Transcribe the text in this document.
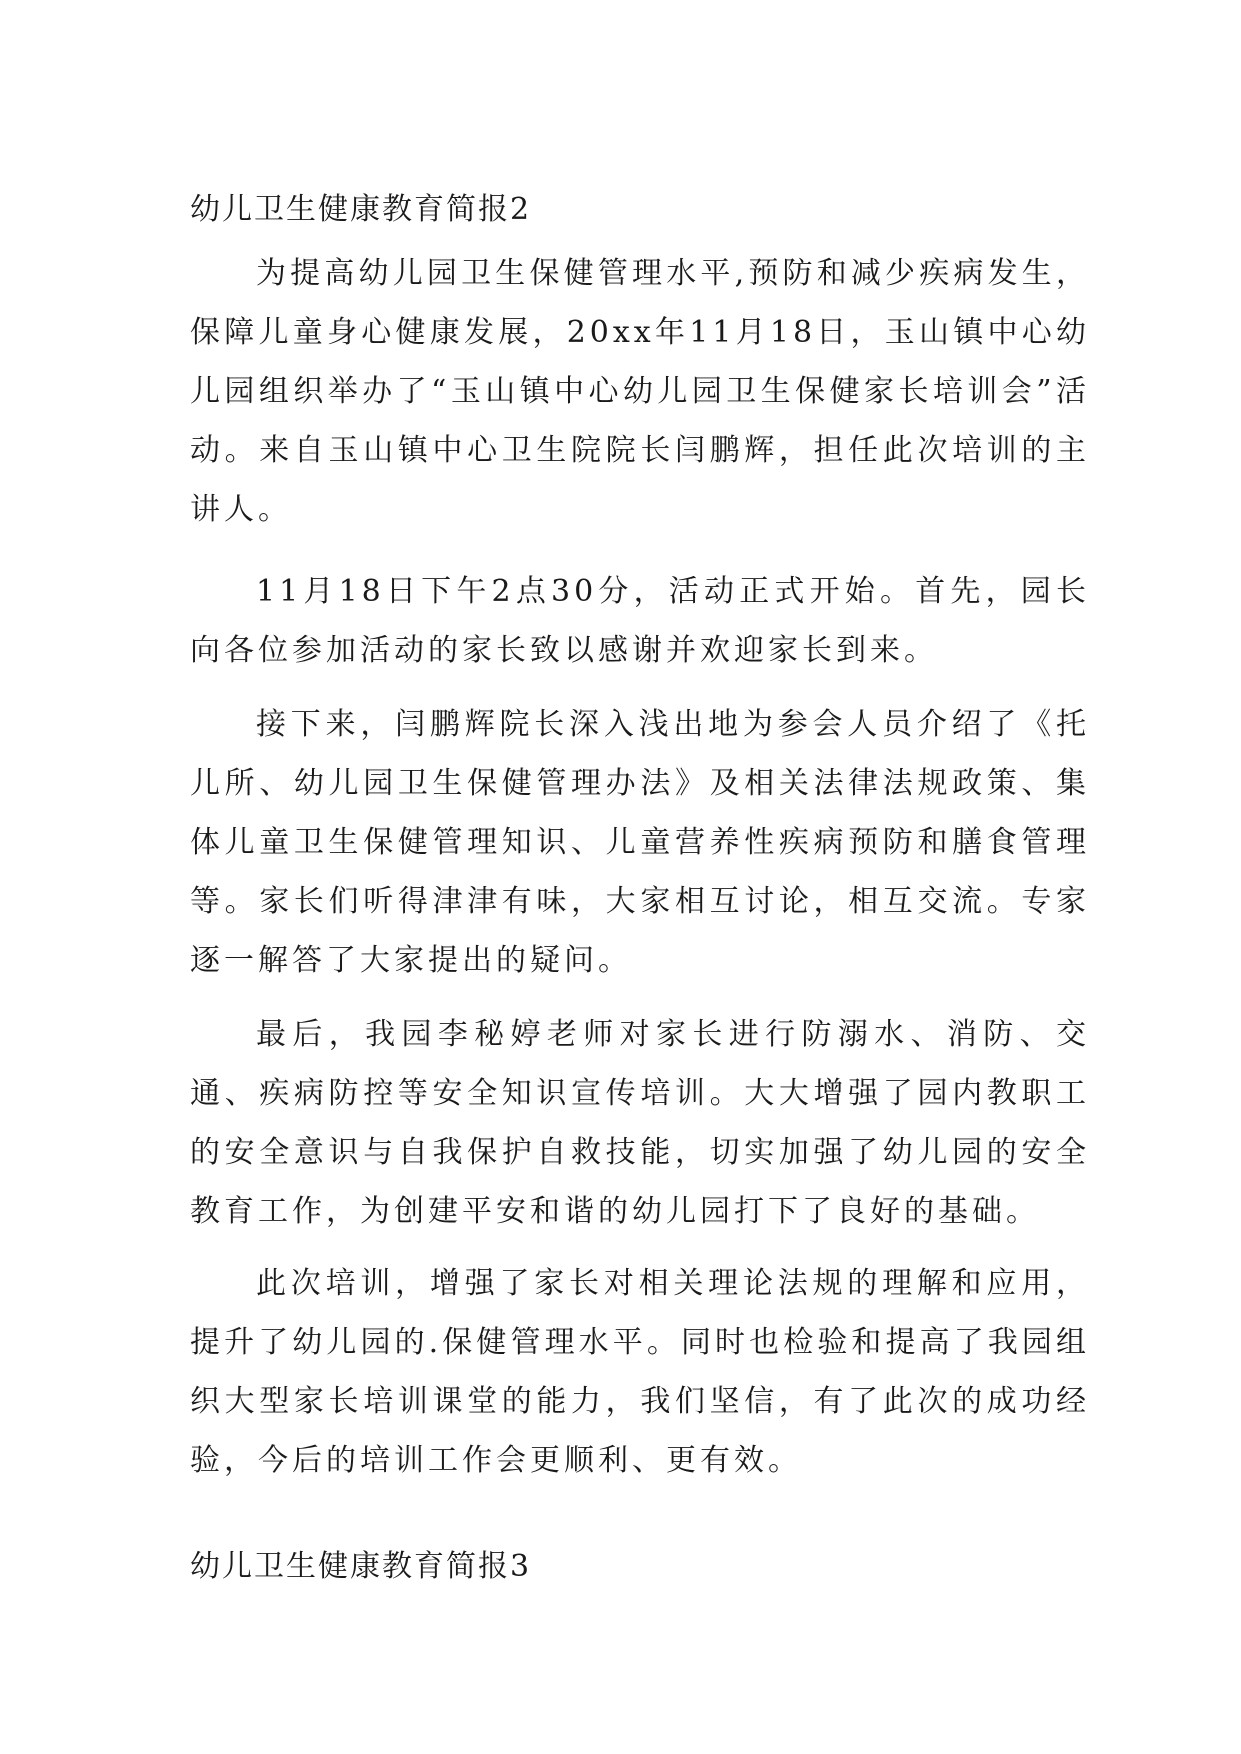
幼儿卫生健康教育简报2

为提高幼儿园卫生保健管理水平,预防和减少疾病发生，保障儿童身心健康发展，20xx年11月18日，玉山镇中心幼儿园组织举办了“玉山镇中心幼儿园卫生保健家长培训会”活动。来自玉山镇中心卫生院院长闫鹏辉，担任此次培训的主讲人。

11月18日下午2点30分，活动正式开始。首先，园长向各位参加活动的家长致以感谢并欢迎家长到来。

接下来，闫鹏辉院长深入浅出地为参会人员介绍了《托儿所、幼儿园卫生保健管理办法》及相关法律法规政策、集体儿童卫生保健管理知识、儿童营养性疾病预防和膳食管理等。家长们听得津津有味，大家相互讨论，相互交流。专家逐一解答了大家提出的疑问。

最后，我园李秘婷老师对家长进行防溺水、消防、交通、疾病防控等安全知识宣传培训。大大增强了园内教职工的安全意识与自我保护自救技能，切实加强了幼儿园的安全教育工作，为创建平安和谐的幼儿园打下了良好的基础。

此次培训，增强了家长对相关理论法规的理解和应用，提升了幼儿园的.保健管理水平。同时也检验和提高了我园组织大型家长培训课堂的能力，我们坚信，有了此次的成功经验，今后的培训工作会更顺利、更有效。

幼儿卫生健康教育简报3
